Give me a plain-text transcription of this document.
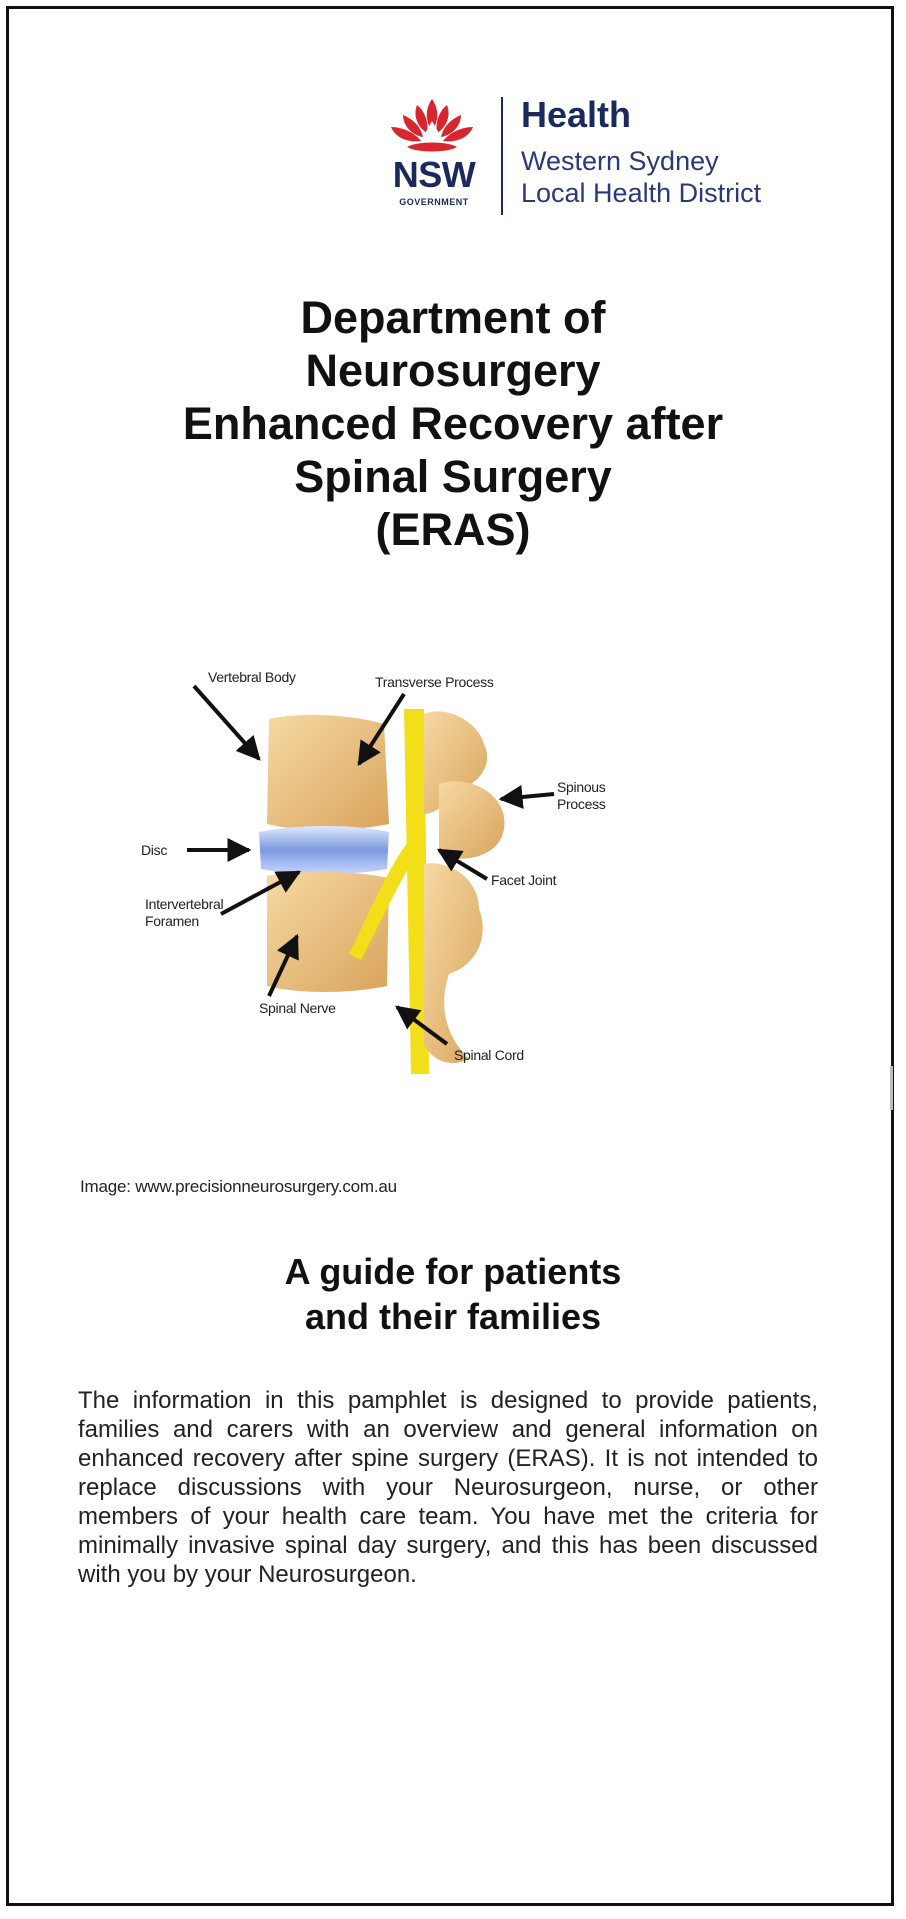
NSW
GOVERNMENT
Health
Western Sydney
Local Health District
Department of
Neurosurgery
Enhanced Recovery after
Spinal Surgery
(ERAS)
Vertebral Body	Transverse Process
Spinous
Process
Disc
Facet Joint
Intervertebral
Foramen
Spinal Nerve
Spinal Cord
Image: www.precisionneurosurgery.com.au
A guide for patients
and their families
The information in this pamphlet is designed to provide patients, families and carers with an overview and general information on enhanced recovery after spine surgery (ERAS). It is not intended to replace discussions with your Neurosurgeon, nurse, or other members of your health care team. You have met the criteria for minimally invasive spinal day surgery, and this has been discussed with you by your Neurosurgeon.
